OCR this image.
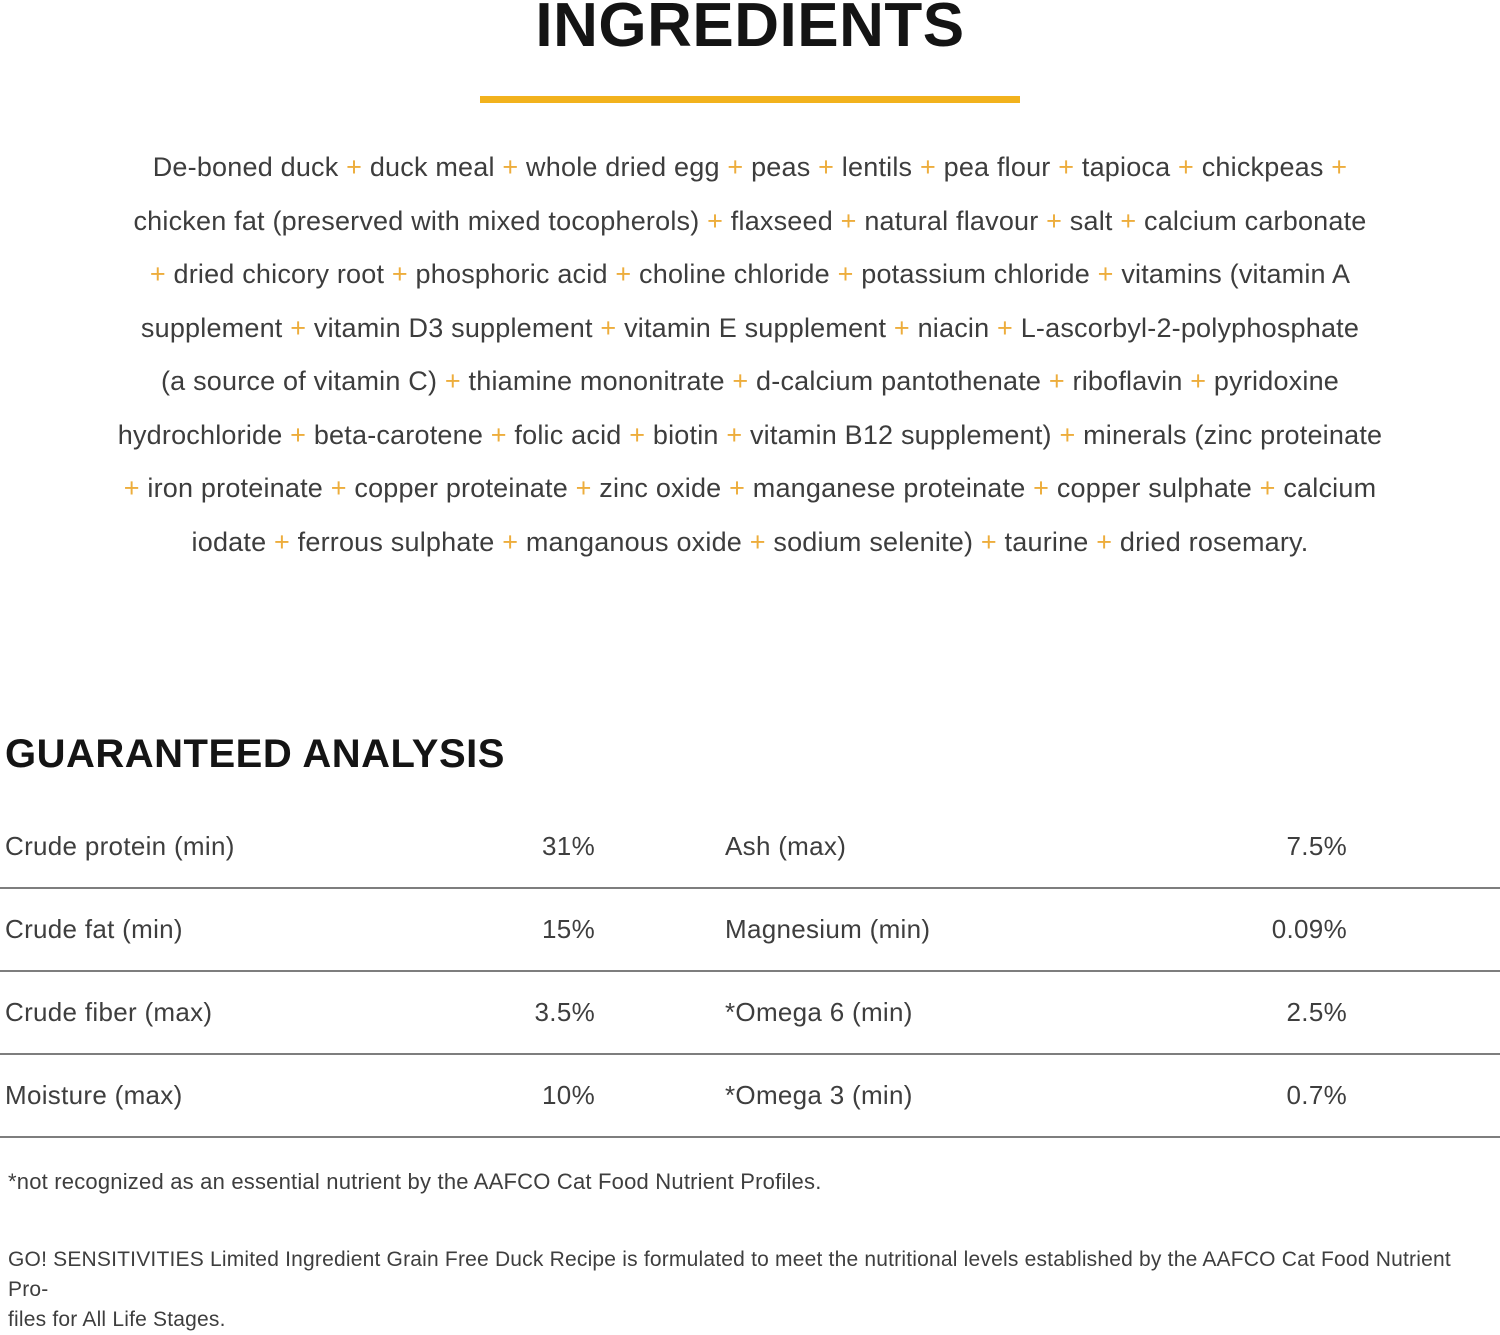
INGREDIENTS
De-boned duck + duck meal + whole dried egg + peas + lentils + pea flour + tapioca + chickpeas +
chicken fat (preserved with mixed tocopherols) + flaxseed + natural flavour + salt + calcium carbonate
+ dried chicory root + phosphoric acid + choline chloride + potassium chloride + vitamins (vitamin A
supplement + vitamin D3 supplement + vitamin E supplement + niacin + L-ascorbyl-2-polyphosphate
(a source of vitamin C) + thiamine mononitrate + d-calcium pantothenate + riboflavin + pyridoxine
hydrochloride + beta-carotene + folic acid + biotin + vitamin B12 supplement) + minerals (zinc proteinate
+ iron proteinate + copper proteinate + zinc oxide + manganese proteinate + copper sulphate + calcium
iodate + ferrous sulphate + manganous oxide + sodium selenite) + taurine + dried rosemary.
GUARANTEED ANALYSIS
Crude protein (min)	31%	Ash (max)	7.5%
Crude fat (min)	15%	Magnesium (min)	0.09%
Crude fiber (max)	3.5%	*Omega 6 (min)	2.5%
Moisture (max)	10%	*Omega 3 (min)	0.7%
*not recognized as an essential nutrient by the AAFCO Cat Food Nutrient Profiles.
GO! SENSITIVITIES Limited Ingredient Grain Free Duck Recipe is formulated to meet the nutritional levels established by the AAFCO Cat Food Nutrient Pro-
files for All Life Stages.
